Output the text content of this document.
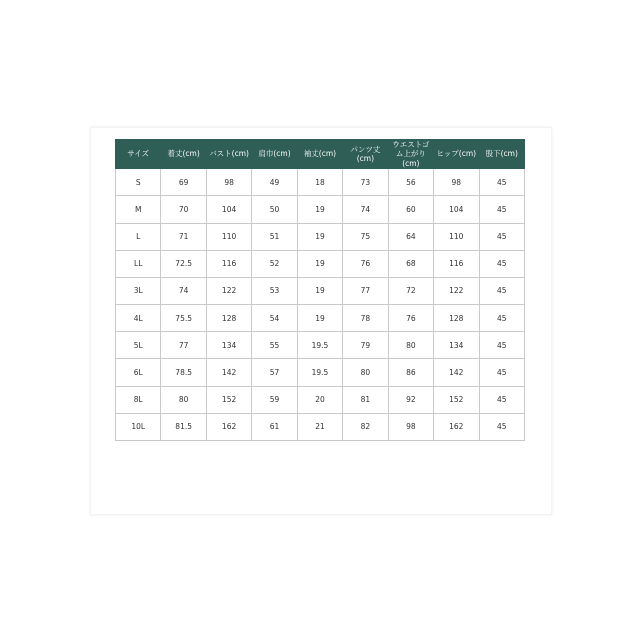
サイズ	着丈(cm)	バスト(cm)	肩巾(cm)	袖丈(cm)	パンツ丈(cm)	ウエストゴム上がり(cm)	ヒップ(cm)	股下(cm)
S	69	98	49	18	73	56	98	45
M	70	104	50	19	74	60	104	45
L	71	110	51	19	75	64	110	45
LL	72.5	116	52	19	76	68	116	45
3L	74	122	53	19	77	72	122	45
4L	75.5	128	54	19	78	76	128	45
5L	77	134	55	19.5	79	80	134	45
6L	78.5	142	57	19.5	80	86	142	45
8L	80	152	59	20	81	92	152	45
10L	81.5	162	61	21	82	98	162	45
